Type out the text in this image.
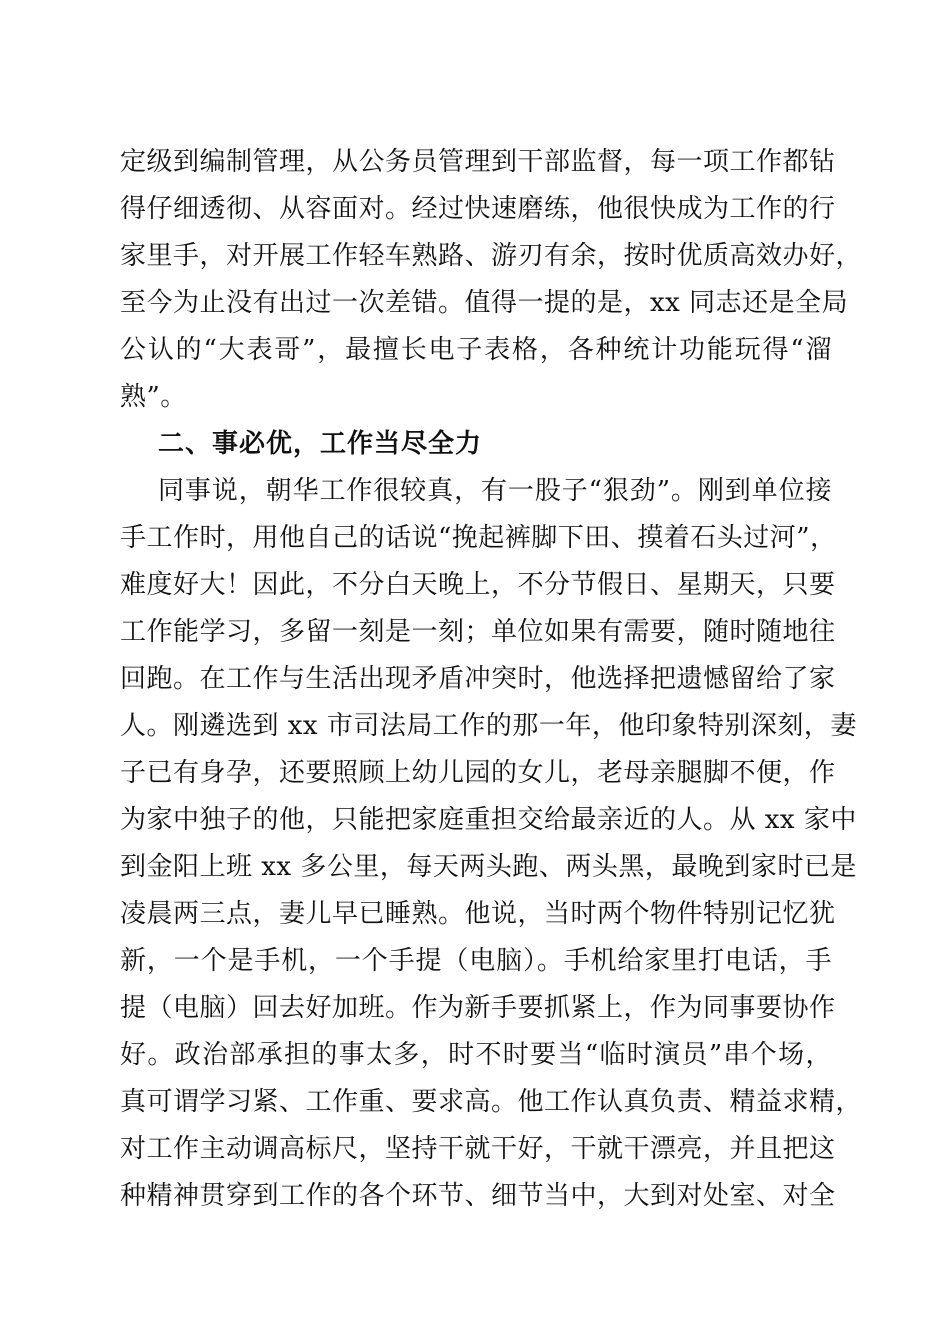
定级到编制管理，从公务员管理到干部监督，每一项工作都钻
得仔细透彻、从容面对。经过快速磨练，他很快成为工作的行
家里手，对开展工作轻车熟路、游刃有余，按时优质高效办好，
至今为止没有出过一次差错。值得一提的是，xx 同志还是全局
公认的“大表哥”，最擅长电子表格，各种统计功能玩得“溜
熟”。
二、事必优，工作当尽全力
同事说，朝华工作很较真，有一股子“狠劲”。刚到单位接
手工作时，用他自己的话说“挽起裤脚下田、摸着石头过河”，
难度好大！因此，不分白天晚上，不分节假日、星期天，只要
工作能学习，多留一刻是一刻；单位如果有需要，随时随地往
回跑。在工作与生活出现矛盾冲突时，他选择把遗憾留给了家
人。刚遴选到 xx 市司法局工作的那一年，他印象特别深刻，妻
子已有身孕，还要照顾上幼儿园的女儿，老母亲腿脚不便，作
为家中独子的他，只能把家庭重担交给最亲近的人。从 xx 家中
到金阳上班 xx 多公里，每天两头跑、两头黑，最晚到家时已是
凌晨两三点，妻儿早已睡熟。他说，当时两个物件特别记忆犹
新，一个是手机，一个手提（电脑）。手机给家里打电话，手
提（电脑）回去好加班。作为新手要抓紧上，作为同事要协作
好。政治部承担的事太多，时不时要当“临时演员”串个场，
真可谓学习紧、工作重、要求高。他工作认真负责、精益求精，
对工作主动调高标尺，坚持干就干好，干就干漂亮，并且把这
种精神贯穿到工作的各个环节、细节当中，大到对处室、对全
